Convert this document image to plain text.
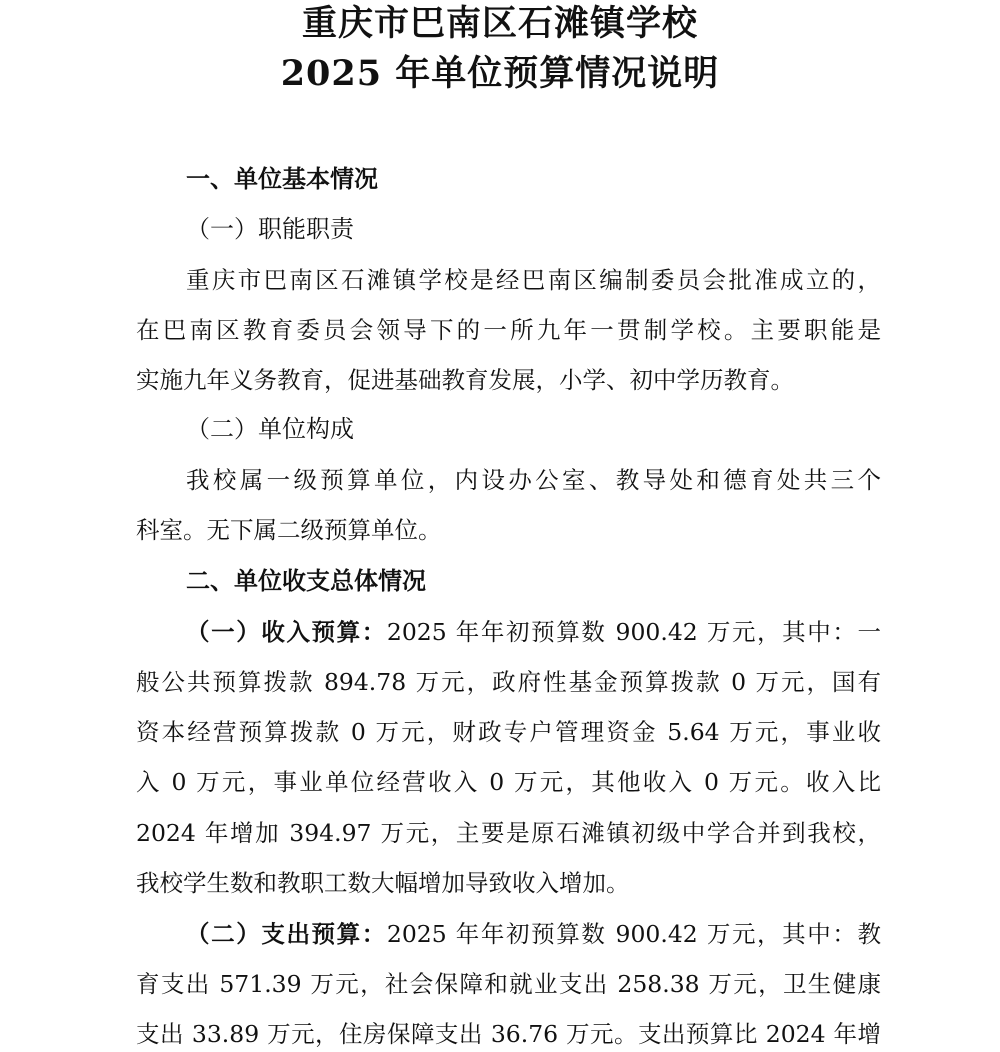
重庆市巴南区石滩镇学校
2025 年单位预算情况说明
一、单位基本情况
（一）职能职责
重庆市巴南区石滩镇学校是经巴南区编制委员会批准成立的，
在巴南区教育委员会领导下的一所九年一贯制学校。主要职能是
实施九年义务教育，促进基础教育发展，小学、初中学历教育。
（二）单位构成
我校属一级预算单位，内设办公室、教导处和德育处共三个
科室。无下属二级预算单位。
二、单位收支总体情况
（一）收入预算：2025 年年初预算数 900.42 万元，其中：一
般公共预算拨款 894.78 万元，政府性基金预算拨款 0 万元，国有
资本经营预算拨款 0 万元，财政专户管理资金 5.64 万元，事业收
入 0 万元，事业单位经营收入 0 万元，其他收入 0 万元。收入比
2024 年增加 394.97 万元，主要是原石滩镇初级中学合并到我校，
我校学生数和教职工数大幅增加导致收入增加。
（二）支出预算：2025 年年初预算数 900.42 万元，其中：教
育支出 571.39 万元，社会保障和就业支出 258.38 万元，卫生健康
支出 33.89 万元，住房保障支出 36.76 万元。支出预算比 2024 年增
